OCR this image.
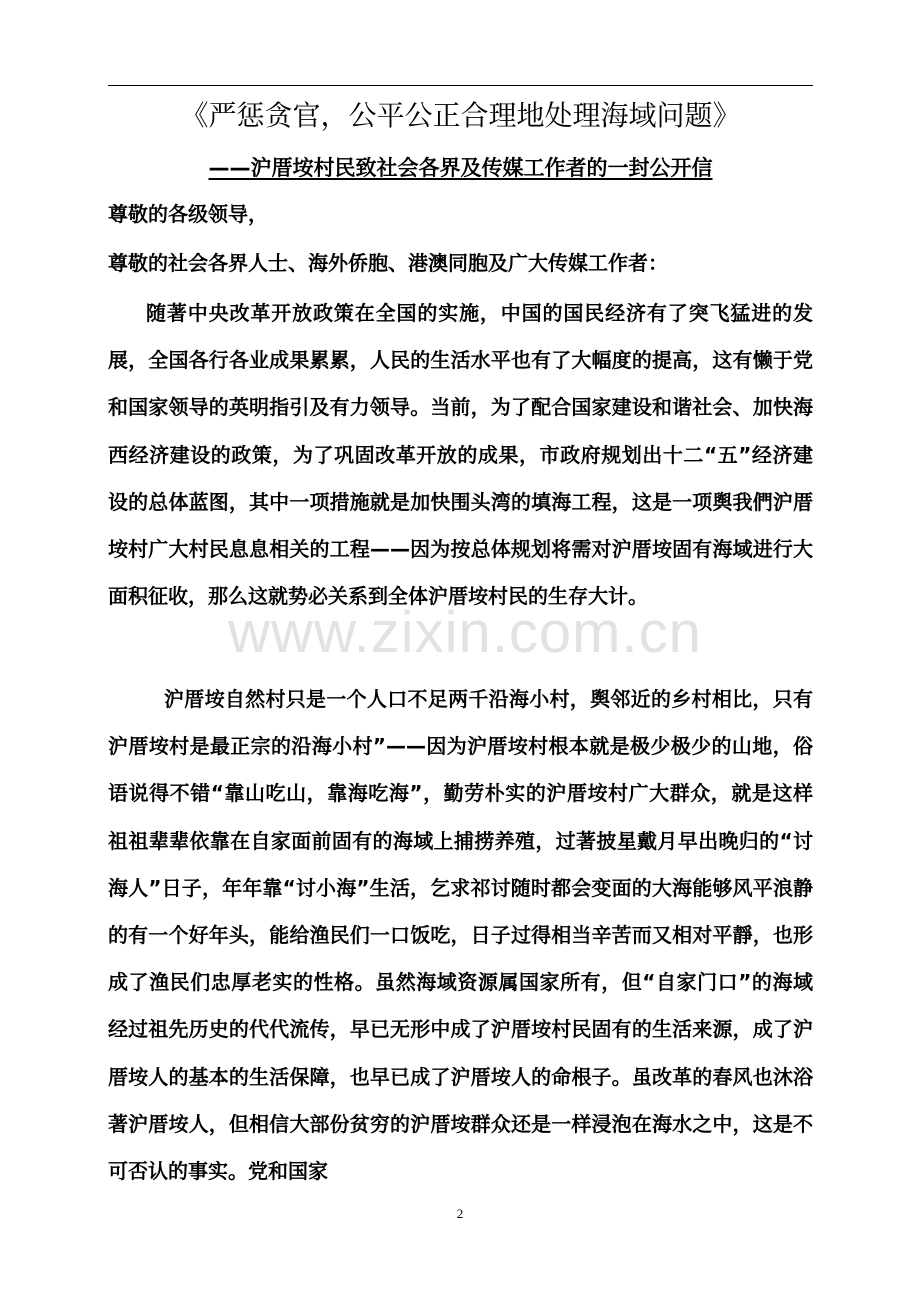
《严惩贪官，公平公正合理地处理海域问题》
——沪厝垵村民致社会各界及传媒工作者的一封公开信
尊敬的各级领导，
尊敬的社会各界人士、海外侨胞、港澳同胞及广大传媒工作者：

随著中央改革开放政策在全国的实施，中国的国民经济有了突飞猛进的发展，全国各行各业成果累累，人民的生活水平也有了大幅度的提高，这有懒于党和国家领导的英明指引及有力领导。当前，为了配合国家建设和谐社会、加快海西经济建设的政策，为了巩固改革开放的成果，市政府规划出十二“五”经济建设的总体蓝图，其中一项措施就是加快围头湾的填海工程，这是一项舆我們沪厝垵村广大村民息息相关的工程——因为按总体规划将需对沪厝垵固有海域进行大面积征收，那么这就势必关系到全体沪厝垵村民的生存大计。

沪厝垵自然村只是一个人口不足两千沿海小村，舆邻近的乡村相比，只有沪厝垵村是最正宗的沿海小村”——因为沪厝垵村根本就是极少极少的山地，俗语说得不错“靠山吃山，靠海吃海”，勤劳朴实的沪厝垵村广大群众，就是这样祖祖辈辈依靠在自家面前固有的海域上捕捞养殖，过著披星戴月早出晚归的“讨海人”日子，年年靠“讨小海”生活，乞求祁讨随时都会变面的大海能够风平浪静的有一个好年头，能给渔民们一口饭吃，日子过得相当辛苦而又相对平靜，也形成了渔民们忠厚老实的性格。虽然海域资源属国家所有，但“自家门口”的海域经过祖先历史的代代流传，早已无形中成了沪厝垵村民固有的生活来源，成了沪厝垵人的基本的生活保障，也早已成了沪厝垵人的命根子。虽改革的春风也沐浴著沪厝垵人，但相信大部份贫穷的沪厝垵群众还是一样浸泡在海水之中，这是不可否认的事实。党和国家

www.zixin.com.cn
2
